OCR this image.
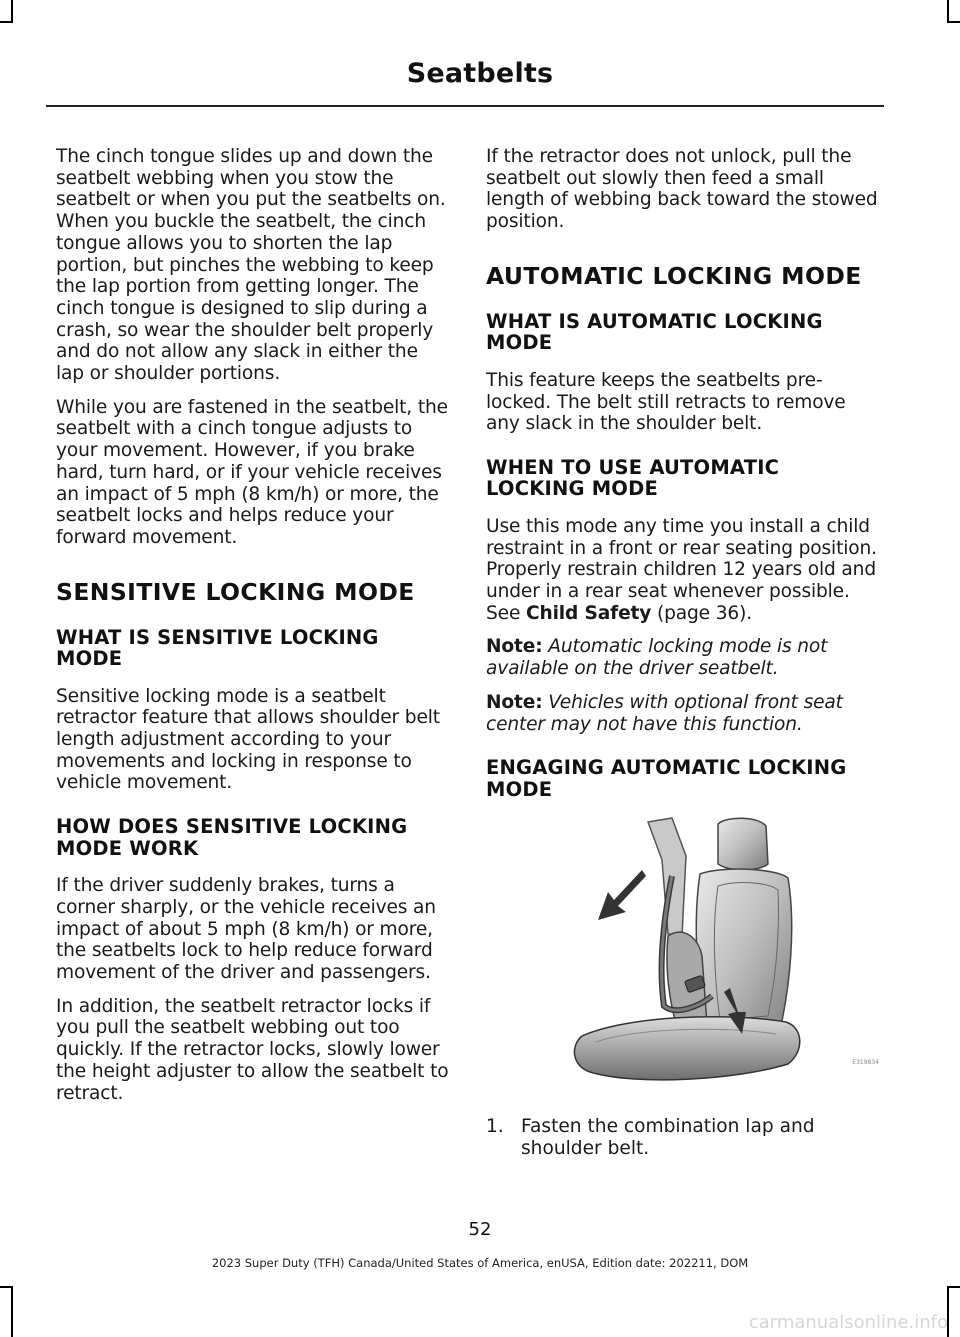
Seatbelts

The cinch tongue slides up and down the seatbelt webbing when you stow the seatbelt or when you put the seatbelts on. When you buckle the seatbelt, the cinch tongue allows you to shorten the lap portion, but pinches the webbing to keep the lap portion from getting longer. The cinch tongue is designed to slip during a crash, so wear the shoulder belt properly and do not allow any slack in either the lap or shoulder portions.

While you are fastened in the seatbelt, the seatbelt with a cinch tongue adjusts to your movement. However, if you brake hard, turn hard, or if your vehicle receives an impact of 5 mph (8 km/h) or more, the seatbelt locks and helps reduce your forward movement.

SENSITIVE LOCKING MODE
WHAT IS SENSITIVE LOCKING MODE

Sensitive locking mode is a seatbelt retractor feature that allows shoulder belt length adjustment according to your movements and locking in response to vehicle movement.

HOW DOES SENSITIVE LOCKING MODE WORK

If the driver suddenly brakes, turns a corner sharply, or the vehicle receives an impact of about 5 mph (8 km/h) or more, the seatbelts lock to help reduce forward movement of the driver and passengers.

In addition, the seatbelt retractor locks if you pull the seatbelt webbing out too quickly. If the retractor locks, slowly lower the height adjuster to allow the seatbelt to retract.

If the retractor does not unlock, pull the seatbelt out slowly then feed a small length of webbing back toward the stowed position.

AUTOMATIC LOCKING MODE
WHAT IS AUTOMATIC LOCKING MODE

This feature keeps the seatbelts pre-locked. The belt still retracts to remove any slack in the shoulder belt.

WHEN TO USE AUTOMATIC LOCKING MODE

Use this mode any time you install a child restraint in a front or rear seating position. Properly restrain children 12 years old and under in a rear seat whenever possible. See Child Safety (page 36).

Note: Automatic locking mode is not available on the driver seatbelt.

Note: Vehicles with optional front seat center may not have this function.

ENGAGING AUTOMATIC LOCKING MODE
E319834
1. Fasten the combination lap and shoulder belt.
52
2023 Super Duty (TFH) Canada/United States of America, enUSA, Edition date: 202211, DOM
carmanualsonline.info
